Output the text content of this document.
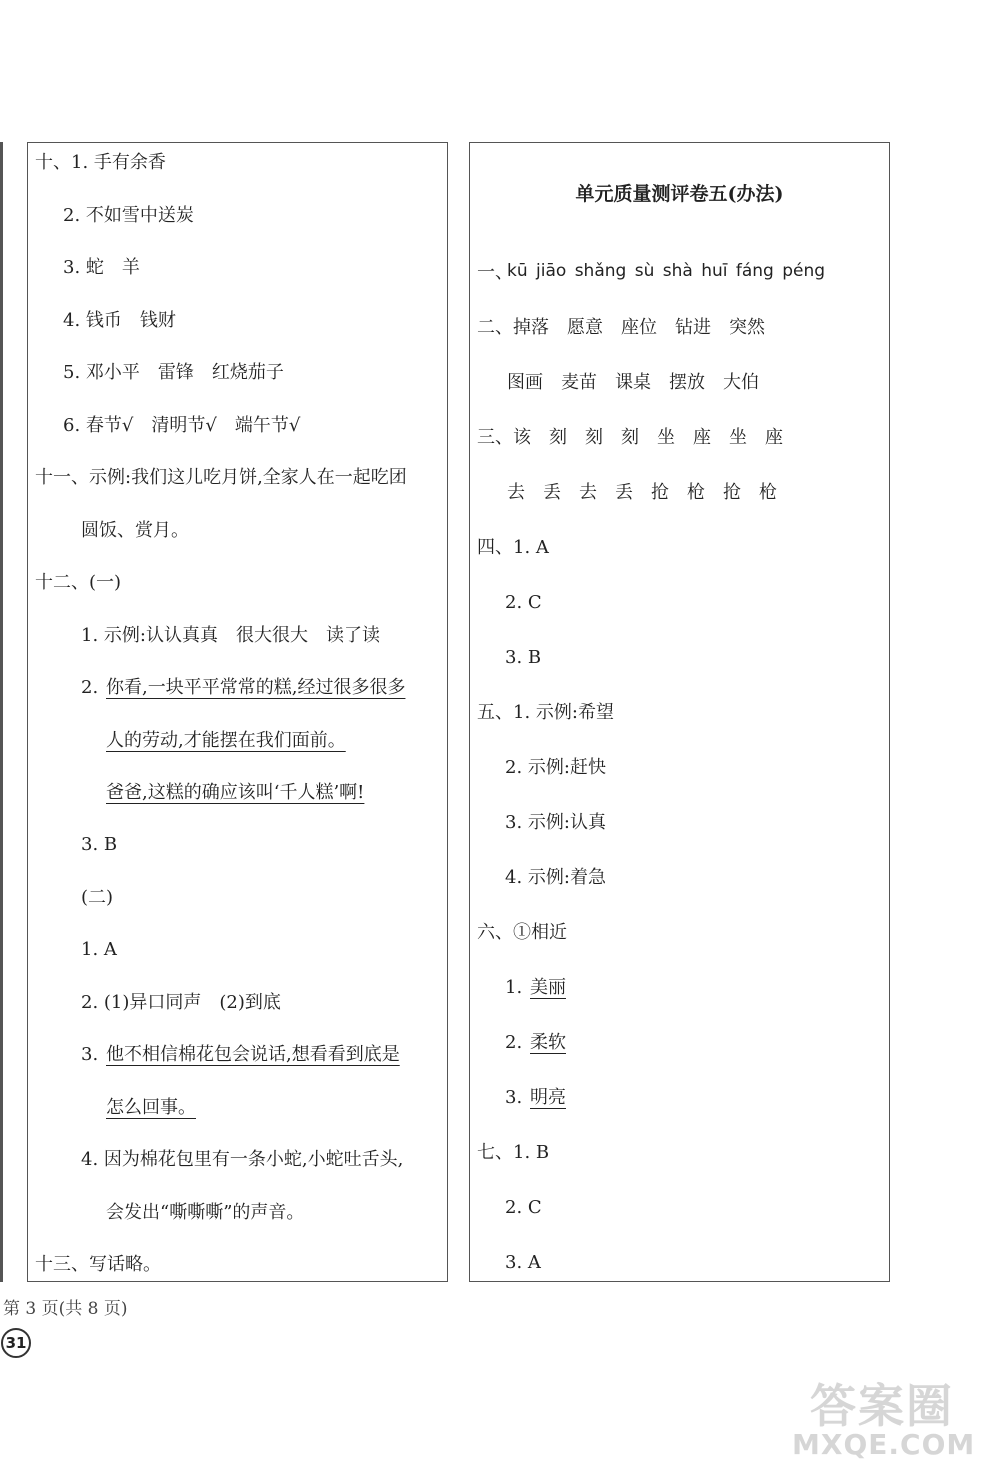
十、1. 手有余香
2. 不如雪中送炭
3. 蛇　羊
4. 钱币　钱财
5. 邓小平　雷锋　红烧茄子
6. 春节√　清明节√　端午节√
十一、示例:我们这儿吃月饼,全家人在一起吃团
圆饭、赏月。
十二、(一)
1. 示例:认认真真　很大很大　读了读
2. 你看,一块平平常常的糕,经过很多很多
人的劳动,才能摆在我们面前。
爸爸,这糕的确应该叫‘千人糕’啊!
3. B
(二)
1. A
2. (1)异口同声　(2)到底
3. 他不相信棉花包会说话,想看看到底是
怎么回事。
4. 因为棉花包里有一条小蛇,小蛇吐舌头,
会发出“嘶嘶嘶”的声音。
十三、写话略。
单元质量测评卷五(办法)
一、
kū jiāo shǎng sù shà huī fáng péng
二、掉落　愿意　座位　钻进　突然
图画　麦苗　课桌　摆放　大伯
三、该　刻　刻　刻　坐　座　坐　座
去　丢　去　丢　抢　枪　抢　枪
四、1. A
2. C
3. B
五、1. 示例:希望
2. 示例:赶快
3. 示例:认真
4. 示例:着急
六、①相近
1. 美丽
2. 柔软
3. 明亮
七、1. B
2. C
3. A
第 3 页(共 8 页)
31
答案圈
MXQE.COM
